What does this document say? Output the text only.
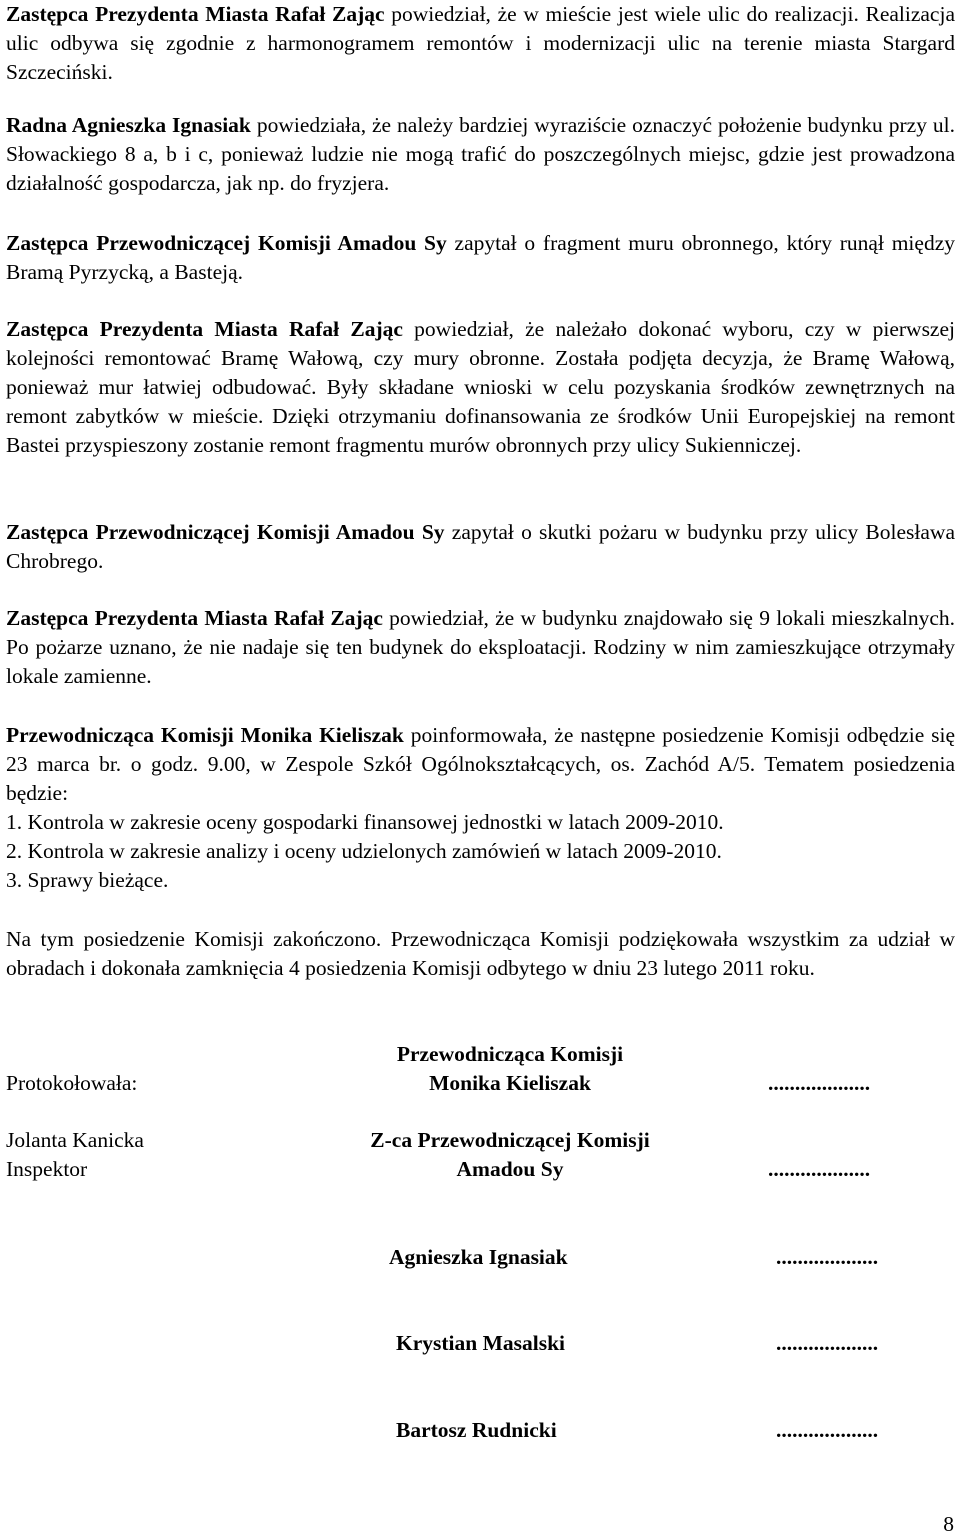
Zastępca Prezydenta Miasta Rafał Zając powiedział, że w mieście jest wiele ulic do realizacji. Realizacja ulic odbywa się zgodnie z harmonogramem remontów i modernizacji ulic na terenie miasta Stargard Szczeciński.

Radna Agnieszka Ignasiak powiedziała, że należy bardziej wyraziście oznaczyć położenie budynku przy ul. Słowackiego 8 a, b i c, ponieważ ludzie nie mogą trafić do poszczególnych miejsc, gdzie jest prowadzona działalność gospodarcza, jak np. do fryzjera.

Zastępca Przewodniczącej Komisji Amadou Sy zapytał o fragment muru obronnego, który runął między Bramą Pyrzycką, a Basteją.

Zastępca Prezydenta Miasta Rafał Zając powiedział, że należało dokonać wyboru, czy w pierwszej kolejności remontować Bramę Wałową, czy mury obronne. Została podjęta decyzja, że Bramę Wałową, ponieważ mur łatwiej odbudować. Były składane wnioski w celu pozyskania środków zewnętrznych na remont zabytków w mieście. Dzięki otrzymaniu dofinansowania ze środków Unii Europejskiej na remont Bastei przyspieszony zostanie remont fragmentu murów obronnych przy ulicy Sukienniczej.

Zastępca Przewodniczącej Komisji Amadou Sy zapytał o skutki pożaru w budynku przy ulicy Bolesława Chrobrego.

Zastępca Prezydenta Miasta Rafał Zając powiedział, że w budynku znajdowało się 9 lokali mieszkalnych. Po pożarze uznano, że nie nadaje się ten budynek do eksploatacji. Rodziny w nim zamieszkujące otrzymały lokale zamienne.

Przewodnicząca Komisji Monika Kieliszak poinformowała, że następne posiedzenie Komisji odbędzie się 23 marca br. o godz. 9.00, w Zespole Szkół Ogólnokształcących, os. Zachód A/5. Tematem posiedzenia będzie:

1. Kontrola w zakresie oceny gospodarki finansowej jednostki w latach 2009-2010.
2. Kontrola w zakresie analizy i oceny udzielonych zamówień w latach 2009-2010.
3. Sprawy bieżące.

Na tym posiedzenie Komisji zakończono. Przewodnicząca Komisji podziękowała wszystkim za udział w obradach i dokonała zamknięcia 4 posiedzenia Komisji odbytego w dniu 23 lutego 2011 roku.

Przewodnicząca Komisji
Protokołowała:	Monika Kieliszak	...................
Jolanta Kanicka	Z-ca Przewodniczącej Komisji
Inspektor	Amadou Sy	...................
Agnieszka Ignasiak	...................
Krystian Masalski	...................
Bartosz Rudnicki	...................
8
